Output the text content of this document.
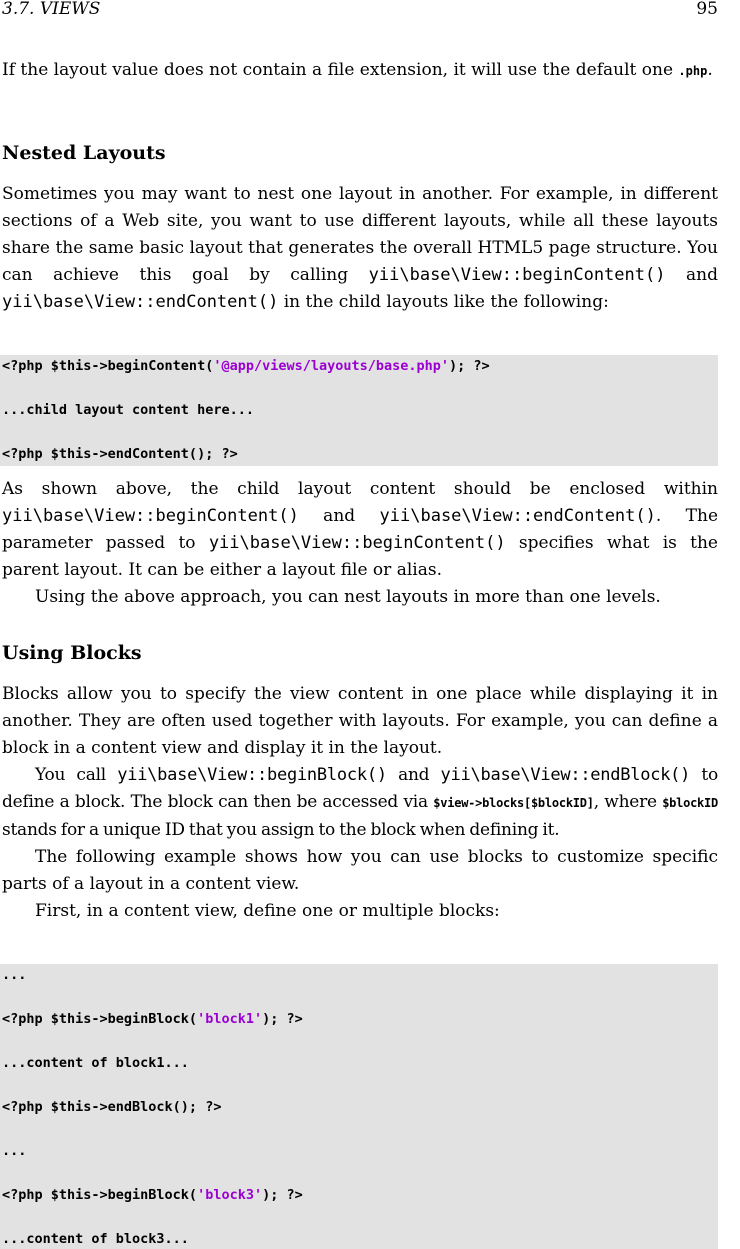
3.7. VIEWS	95

If the layout value does not contain a file extension, it will use the default one .php.

Nested Layouts

Sometimes you may want to nest one layout in another. For example, in different sections of a Web site, you want to use different layouts, while all these layouts share the same basic layout that generates the overall HTML5 page structure. You can achieve this goal by calling yii\base\View::beginContent() and yii\base\View::endContent() in the child layouts like the following:

<?php $this->beginContent('@app/views/layouts/base.php'); ?>

...child layout content here...

<?php $this->endContent(); ?>

As shown above, the child layout content should be enclosed within yii\base\View::beginContent() and yii\base\View::endContent(). The parameter passed to yii\base\View::beginContent() specifies what is the parent layout. It can be either a layout file or alias.

Using the above approach, you can nest layouts in more than one levels.

Using Blocks

Blocks allow you to specify the view content in one place while displaying it in another. They are often used together with layouts. For example, you can define a block in a content view and display it in the layout.

You call yii\base\View::beginBlock() and yii\base\View::endBlock() to define a block. The block can then be accessed via $view->blocks[$blockID], where $blockID stands for a unique ID that you assign to the block when defining it.

The following example shows how you can use blocks to customize specific parts of a layout in a content view.

First, in a content view, define one or multiple blocks:

...

<?php $this->beginBlock('block1'); ?>

...content of block1...

<?php $this->endBlock(); ?>

...

<?php $this->beginBlock('block3'); ?>

...content of block3...
